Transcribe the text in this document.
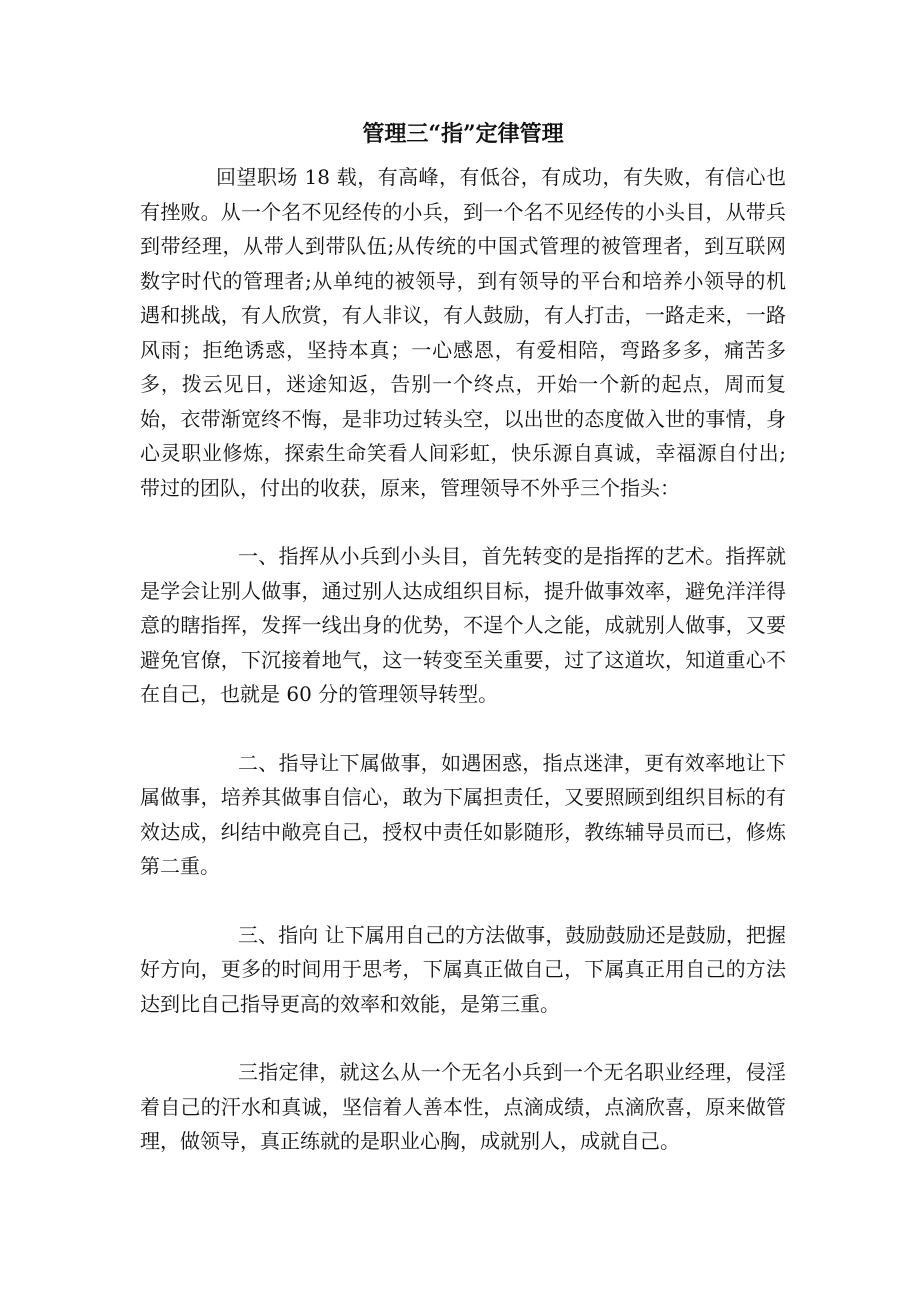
管理三“指”定律管理

回望职场 18 载，有高峰，有低谷，有成功，有失败，有信心也有挫败。从一个名不见经传的小兵，到一个名不见经传的小头目，从带兵到带经理，从带人到带队伍;从传统的中国式管理的被管理者，到互联网数字时代的管理者;从单纯的被领导，到有领导的平台和培养小领导的机遇和挑战，有人欣赏，有人非议，有人鼓励，有人打击，一路走来，一路风雨；拒绝诱惑，坚持本真；一心感恩，有爱相陪，弯路多多，痛苦多多，拨云见日，迷途知返，告别一个终点，开始一个新的起点，周而复始，衣带渐宽终不悔，是非功过转头空，以出世的态度做入世的事情，身心灵职业修炼，探索生命笑看人间彩虹，快乐源自真诚，幸福源自付出;带过的团队，付出的收获，原来，管理领导不外乎三个指头：

一、指挥从小兵到小头目，首先转变的是指挥的艺术。指挥就是学会让别人做事，通过别人达成组织目标，提升做事效率，避免洋洋得意的瞎指挥，发挥一线出身的优势，不逞个人之能，成就别人做事，又要避免官僚，下沉接着地气，这一转变至关重要，过了这道坎，知道重心不在自己，也就是 60 分的管理领导转型。

二、指导让下属做事，如遇困惑，指点迷津，更有效率地让下属做事，培养其做事自信心，敢为下属担责任，又要照顾到组织目标的有效达成，纠结中敞亮自己，授权中责任如影随形，教练辅导员而已，修炼第二重。

三、指向 让下属用自己的方法做事，鼓励鼓励还是鼓励，把握好方向，更多的时间用于思考，下属真正做自己，下属真正用自己的方法达到比自己指导更高的效率和效能，是第三重。

三指定律，就这么从一个无名小兵到一个无名职业经理，侵淫着自己的汗水和真诚，坚信着人善本性，点滴成绩，点滴欣喜，原来做管理，做领导，真正练就的是职业心胸，成就别人，成就自己。
